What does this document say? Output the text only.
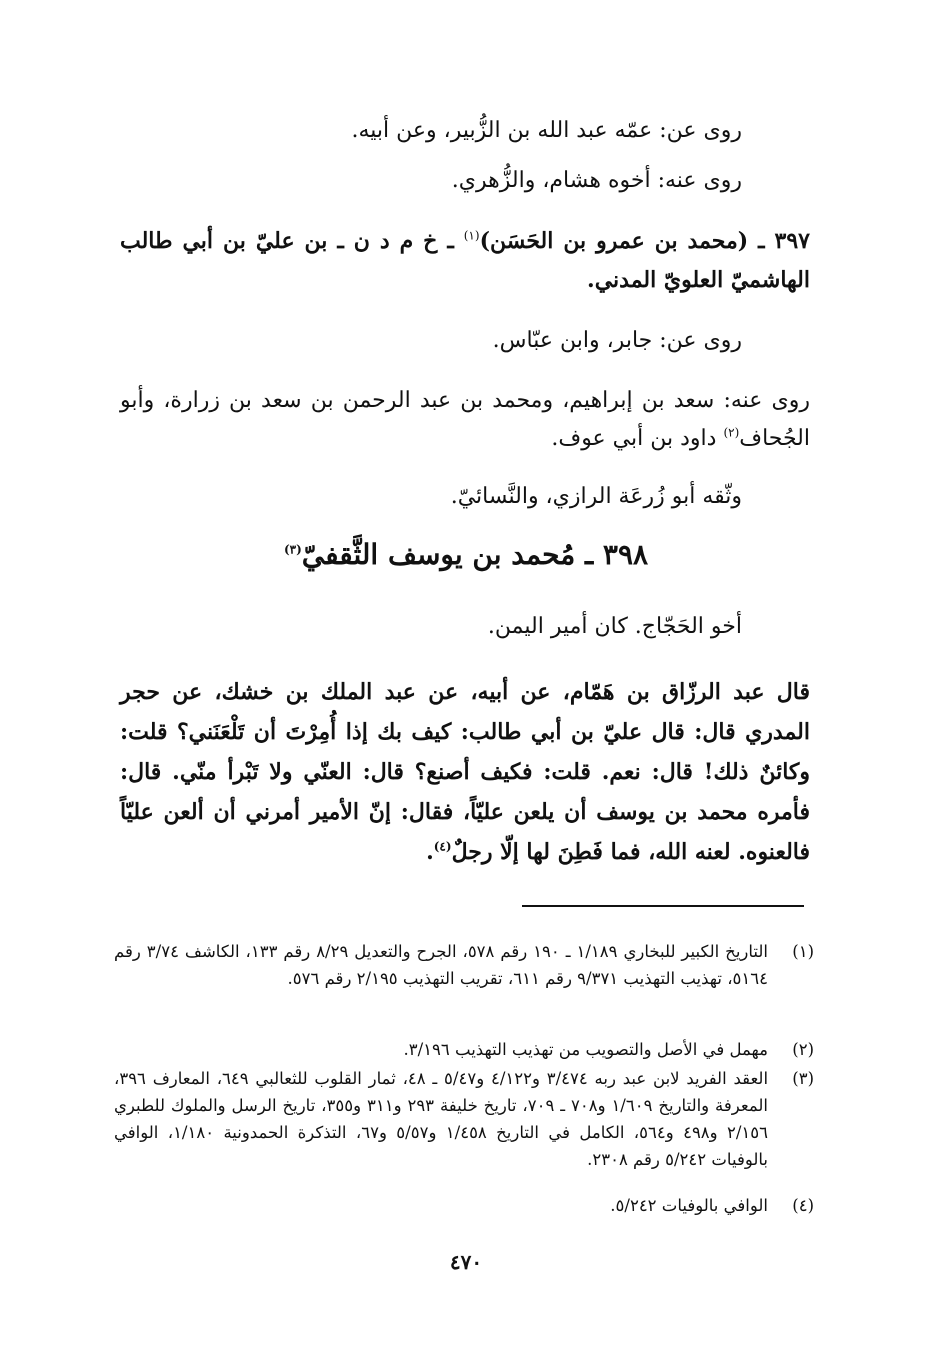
روى عن: عمّه عبد الله بن الزُّبير، وعن أبيه.
روى عنه: أخوه هشام، والزُّهري.
٣٩٧ ـ (محمد بن عمرو بن الحَسَن)$^{(١)}$ ـ خ م د ن ـ بن عليّ بن أبي طالب الهاشميّ العلويّ المدني.
روى عن: جابر، وابن عبّاس.
روى عنه: سعد بن إبراهيم، ومحمد بن عبد الرحمن بن سعد بن زرارة، وأبو الجُحاف$^{(٢)}$ داود بن أبي عوف.
وثّقه أبو زُرعَة الرازي، والنَّسائيّ.
٣٩٨ ـ مُحمد بن يوسف الثَّقفيّ$^{(٣)}$
أخو الحَجّاج. كان أمير اليمن.
قال عبد الرزّاق بن هَمّام، عن أبيه، عن عبد الملك بن خشك، عن حجر المدري قال: قال عليّ بن أبي طالب: كيف بك إذا أُمِرْتَ أن تَلْعَنَني؟ قلت: وكائنٌ ذلك! قال: نعم. قلت: فكيف أصنع؟ قال: العنّي ولا تَبْرأ منّي. قال: فأمره محمد بن يوسف أن يلعن عليّاً، فقال: إنّ الأمير أمرني أن ألعن عليّاً فالعنوه. لعنه الله، فما فَطِنَ لها إلّا رجلٌ$^{(٤)}$.
(١)
التاريخ الكبير للبخاري ١/١٨٩ ـ ١٩٠ رقم ٥٧٨، الجرح والتعديل ٨/٢٩ رقم ١٣٣، الكاشف ٣/٧٤ رقم ٥١٦٤، تهذيب التهذيب ٩/٣٧١ رقم ٦١١، تقريب التهذيب ٢/١٩٥ رقم ٥٧٦.
(٢)
مهمل في الأصل والتصويب من تهذيب التهذيب ٣/١٩٦.
(٣)
العقد الفريد لابن عبد ربه ٣/٤٧٤ و٤/١٢٢ و٥/٤٧ ـ ٤٨، ثمار القلوب للثعالبي ٦٤٩، المعارف ٣٩٦، المعرفة والتاريخ ١/٦٠٩ و٧٠٨ ـ ٧٠٩، تاريخ خليفة ٢٩٣ و٣١١ و٣٥٥، تاريخ الرسل والملوك للطبري ٢/١٥٦ و٤٩٨ و٥٦٤، الكامل في التاريخ ١/٤٥٨ و٥/٥٧ و٦٧، التذكرة الحمدونية ١/١٨٠، الوافي بالوفيات ٥/٢٤٢ رقم ٢٣٠٨.
(٤)
الوافي بالوفيات ٥/٢٤٢.
٤٧٠
